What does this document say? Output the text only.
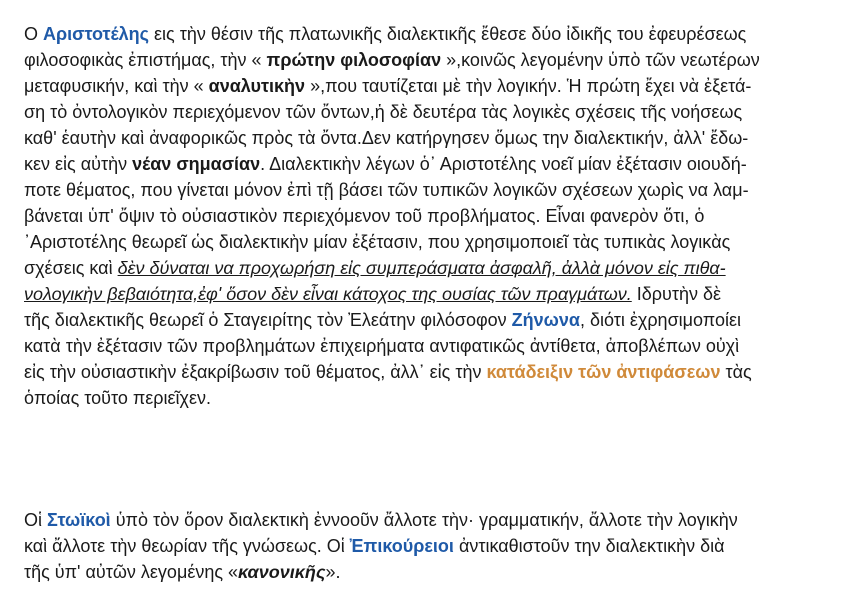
Ο Αριστοτέλης εις τὴν θέσιν τῆς πλατωνικῆς διαλεκτικῆς ἔθεσε δύο ἰδικῆς του ἐφευρέσεως
φιλοσοφικὰς ἐπιστήμας, τὴν « πρώτην φιλοσοφίαν »,κοινῶς λεγομένην ὑπὸ τῶν νεωτέρων
μεταφυσικήν, καὶ τὴν « αναλυτικὴν »,που ταυτίζεται μὲ τὴν λογικήν. Ἡ πρώτη ἔχει νὰ ἐξετά-
ση τὸ ὀντολογικὸν περιεχόμενον τῶν ὄντων,ἡ δὲ δευτέρα τὰς λογικὲς σχέσεις τῆς νοήσεως
καθ' ἑαυτὴν καὶ ἀναφορικῶς πρὸς τὰ ὄντα.Δεν κατήργησεν ὅμως την διαλεκτικήν, ἀλλ' ἔδω-
κεν εἰς αὐτὴν νέαν σημασίαν. Διαλεκτικὴν λέγων ὁ᾽ Αριστοτέλης νοεῖ μίαν ἐξέτασιν οιουδή-
ποτε θέματος, που γίνεται μόνον ἐπὶ τῇ βάσει τῶν τυπικῶν λογικῶν σχέσεων χωρὶς να λαμ-
βάνεται ὑπ' ὄψιν τὸ οὐσιαστικὸν περιεχόμενον τοῦ προβλήματος. Εἶναι φανερὸν ὅτι, ὁ
᾽Αριστοτέλης θεωρεῖ ὡς διαλεκτικὴν μίαν ἐξέτασιν, που χρησιμοποιεῖ τὰς τυπικὰς λογικὰς
σχέσεις καὶ δὲν δύναται να προχωρήση εἰς συμπεράσματα ἀσφαλῆ, ἀλλὰ μόνον εἰς πιθα-
νολογικὴν βεβαιότητα,ἐφ' ὅσον δὲν εἶναι κάτοχος της ουσίας τῶν πραγμάτων. Ιδρυτὴν δὲ
τῆς διαλεκτικῆς θεωρεῖ ὁ Σταγειρίτης τὸν Ἐλεάτην φιλόσοφον Ζήνωνα, διότι ἐχρησιμοποίει
κατὰ τὴν ἐξέτασιν τῶν προβλημάτων ἐπιχειρήματα αντιφατικῶς ἀντίθετα, ἀποβλέπων οὐχὶ
εἰς τὴν οὐσιαστικὴν ἐξακρίβωσιν τοῦ θέματος, ἀλλ᾽ εἰς τὴν κατάδειξιν τῶν ἀντιφάσεων τὰς
ὁποίας τοῦτο περιεῖχεν.
Οἱ Στωϊκοὶ ὑπὸ τὸν ὅρον διαλεκτικὴ ἐννοοῦν ἄλλοτε τὴν· γραμματικήν, ἄλλοτε τὴν λογικὴν
καὶ ἄλλοτε τὴν θεωρίαν τῆς γνώσεως. Οἱ Ἐπικούρειοι ἀντικαθιστοῦν την διαλεκτικὴν διὰ
τῆς ὑπ' αὐτῶν λεγομένης «κανονικῆς».
